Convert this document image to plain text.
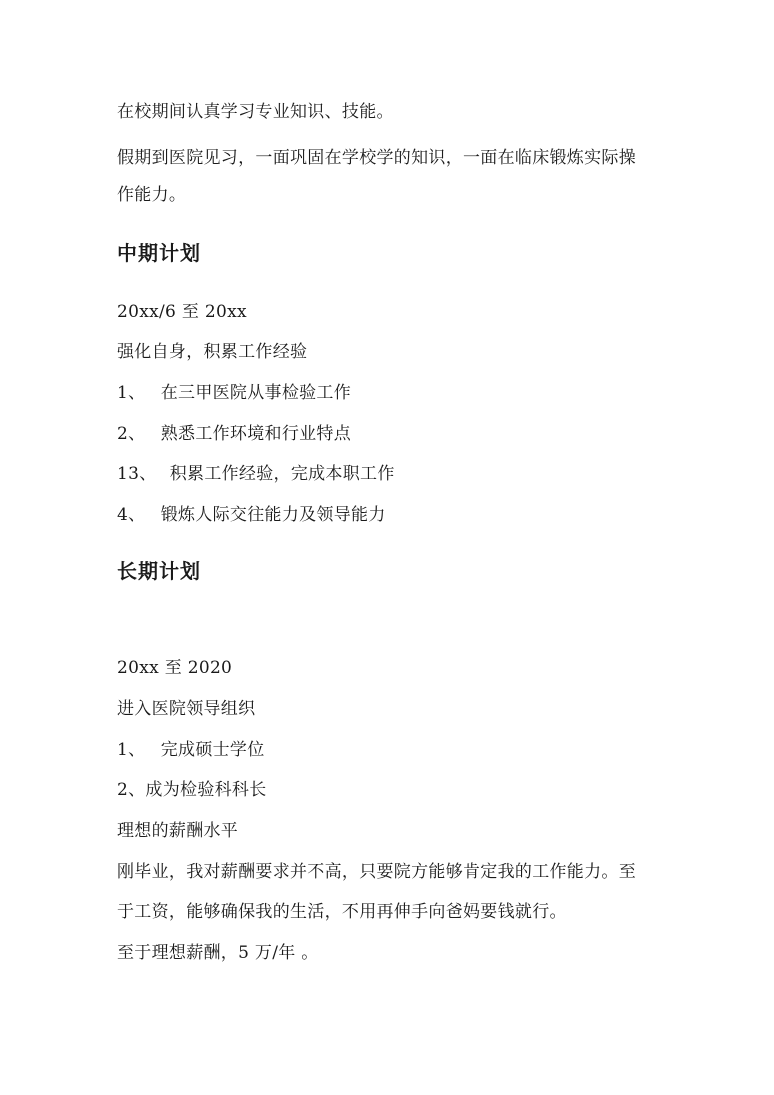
在校期间认真学习专业知识、技能。
假期到医院见习，一面巩固在学校学的知识，一面在临床锻炼实际操
作能力。
中期计划
20xx/6 至 20xx
强化自身，积累工作经验
1、 在三甲医院从事检验工作
2、 熟悉工作环境和行业特点
13、 积累工作经验，完成本职工作
4、 锻炼人际交往能力及领导能力
长期计划
20xx 至 2020
进入医院领导组织
1、 完成硕士学位
2、成为检验科科长
理想的薪酬水平
刚毕业，我对薪酬要求并不高，只要院方能够肯定我的工作能力。至
于工资，能够确保我的生活，不用再伸手向爸妈要钱就行。
至于理想薪酬，5 万/年 。
